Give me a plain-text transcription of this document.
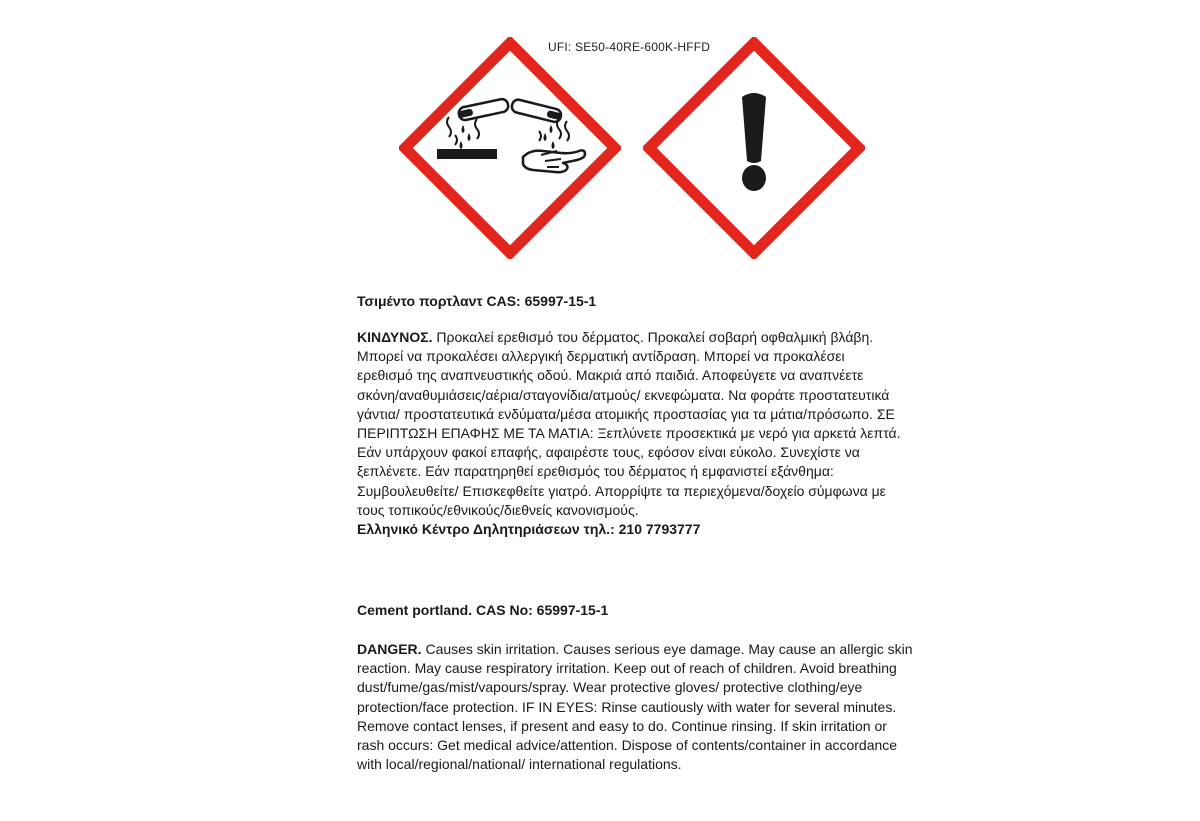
UFI: SE50-40RE-600K-HFFD

Τσιμέντο πορτλαντ CAS: 65997-15-1

ΚΙΝΔΥΝΟΣ. Προκαλεί ερεθισμό του δέρματος. Προκαλεί σοβαρή οφθαλμική βλάβη. Μπορεί να προκαλέσει αλλεργική δερματική αντίδραση. Μπορεί να προκαλέσει ερεθισμό της αναπνευστικής οδού. Μακριά από παιδιά. Αποφεύγετε να αναπνέετε σκόνη/αναθυμιάσεις/αέρια/σταγονίδια/ατμούς/ εκνεφώματα. Να φοράτε προστατευτικά γάντια/ προστατευτικά ενδύματα/μέσα ατομικής προστασίας για τα μάτια/πρόσωπο. ΣΕ ΠΕΡΙΠΤΩΣΗ ΕΠΑΦΗΣ ΜΕ ΤΑ ΜΑΤΙΑ: Ξεπλύνετε προσεκτικά με νερό για αρκετά λεπτά. Εάν υπάρχουν φακοί επαφής, αφαιρέστε τους, εφόσον είναι εύκολο. Συνεχίστε να ξεπλένετε. Εάν παρατηρηθεί ερεθισμός του δέρματος ή εμφανιστεί εξάνθημα: Συμβουλευθείτε/ Επισκεφθείτε γιατρό. Απορρίψτε τα περιεχόμενα/δοχείο σύμφωνα με τους τοπικούς/εθνικούς/διεθνείς κανονισμούς.

Ελληνικό Κέντρο Δηλητηριάσεων τηλ.: 210 7793777

Cement portland. CAS No: 65997-15-1

DANGER. Causes skin irritation. Causes serious eye damage. May cause an allergic skin reaction. May cause respiratory irritation. Keep out of reach of children. Avoid breathing dust/fume/gas/mist/vapours/spray. Wear protective gloves/ protective clothing/eye protection/face protection. IF IN EYES: Rinse cautiously with water for several minutes. Remove contact lenses, if present and easy to do. Continue rinsing. If skin irritation or rash occurs: Get medical advice/attention. Dispose of contents/container in accordance with local/regional/national/ international regulations.
